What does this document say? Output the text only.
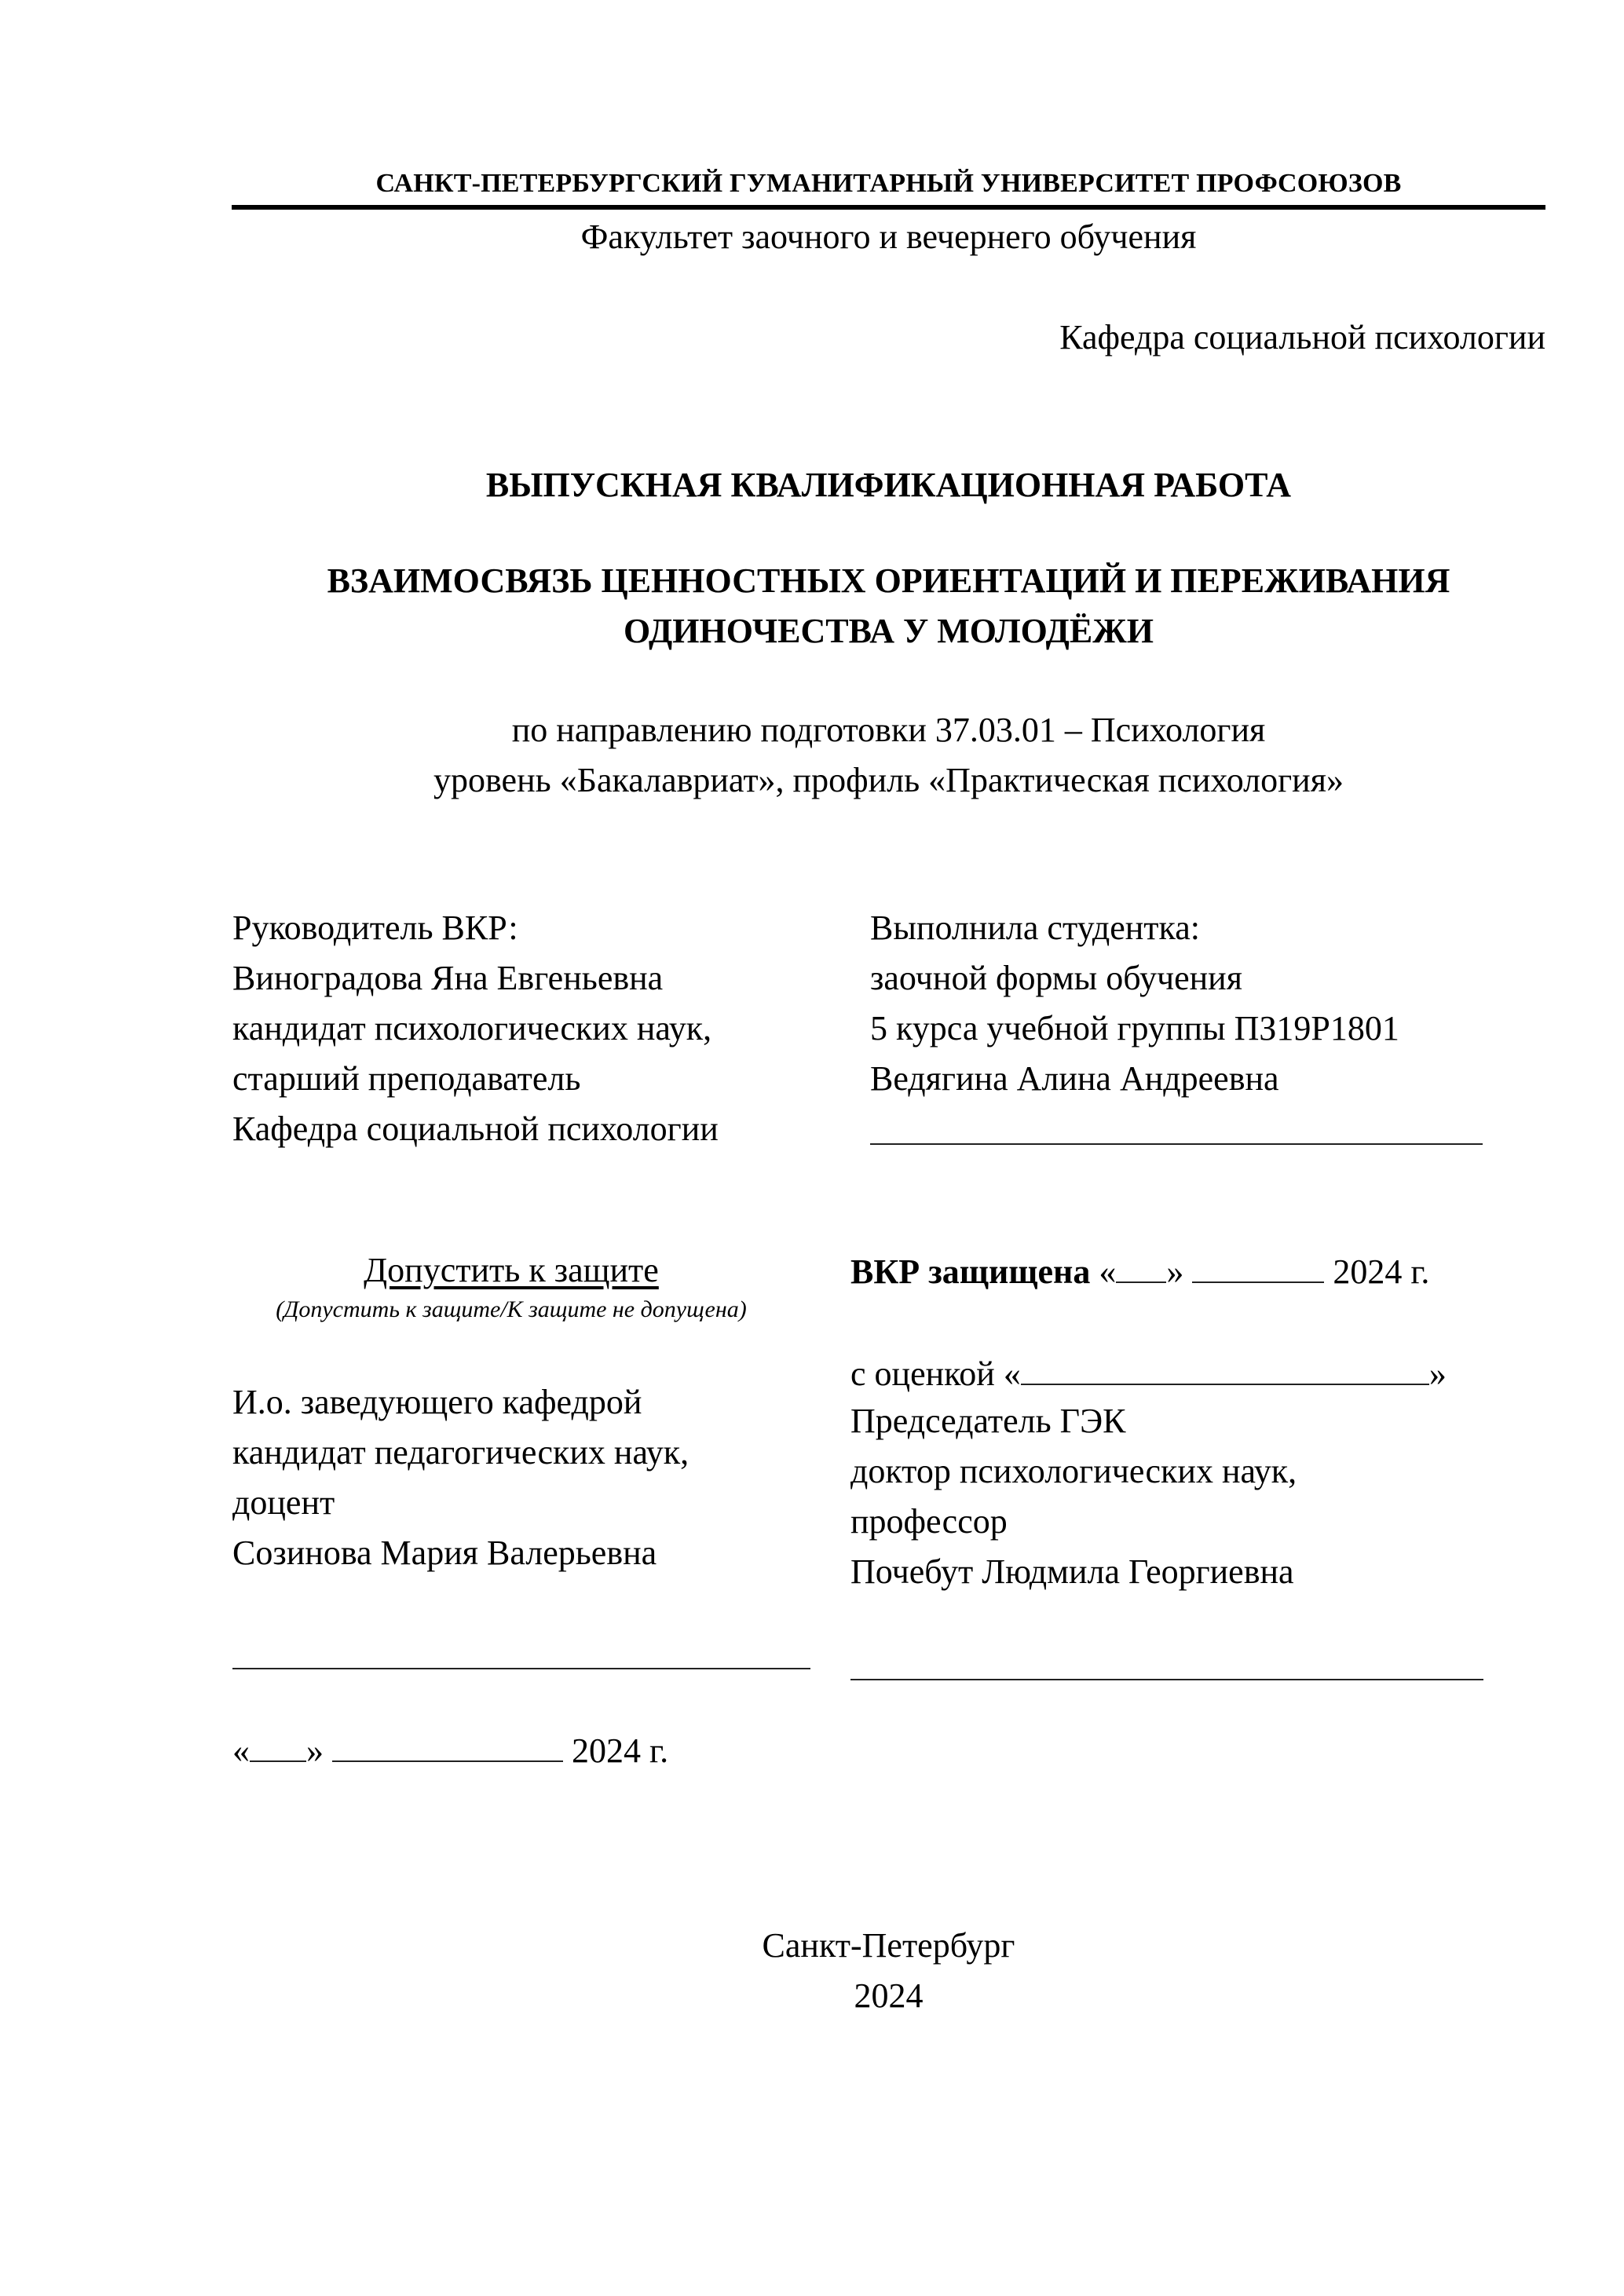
САНКТ-ПЕТЕРБУРГСКИЙ ГУМАНИТАРНЫЙ УНИВЕРСИТЕТ ПРОФСОЮЗОВ
Факультет заочного и вечернего обучения
Кафедра социальной психологии
ВЫПУСКНАЯ КВАЛИФИКАЦИОННАЯ РАБОТА
ВЗАИМОСВЯЗЬ ЦЕННОСТНЫХ ОРИЕНТАЦИЙ И ПЕРЕЖИВАНИЯ
ОДИНОЧЕСТВА У МОЛОДЁЖИ
по направлению подготовки 37.03.01 – Психология
уровень «Бакалавриат», профиль «Практическая психология»
Руководитель ВКР:
Виноградова Яна Евгеньевна
кандидат психологических наук,
старший преподаватель
Кафедра социальной психологии
Выполнила студентка:
заочной формы обучения
5 курса учебной группы ПЗ19Р1801
Ведягина Алина Андреевна
Допустить к защите
(Допустить к защите/К защите не допущена)
ВКР защищена « »	2024 г.
с оценкой «	»
И.о. заведующего кафедрой
кандидат педагогических наук,
доцент
Созинова Мария Валерьевна
Председатель ГЭК
доктор психологических наук,
профессор
Почебут Людмила Георгиевна
« »	2024 г.
Санкт-Петербург
2024
